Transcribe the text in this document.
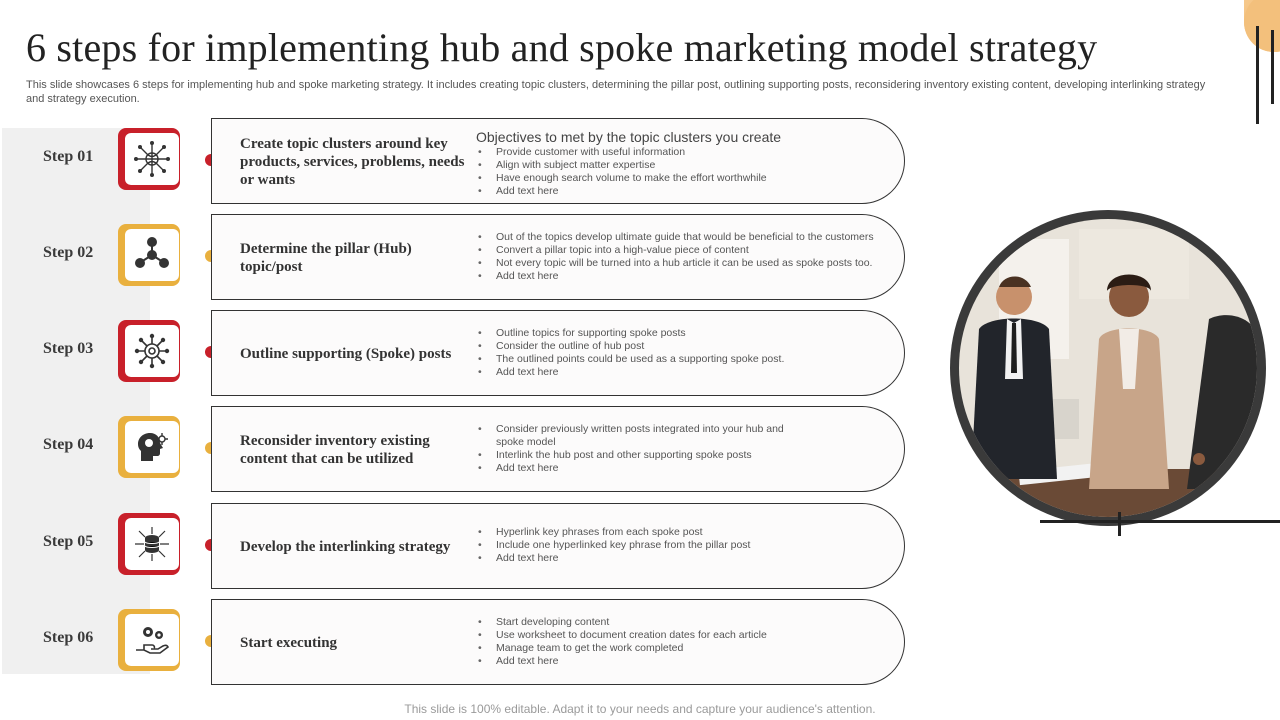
6 steps for implementing hub and spoke marketing model strategy

This slide showcases 6 steps for implementing hub and spoke marketing strategy. It includes creating topic clusters, determining the pillar post, outlining supporting posts, reconsidering inventory existing content, developing interlinking strategy and strategy execution.

Step 01
Create topic clusters around key products, services, problems, needs or wants

Objectives to met by the topic clusters you create

• Provide customer with useful information
• Align with subject matter expertise
• Have enough search volume to make the effort worthwhile
• Add text here
Step 02	Determine the pillar (Hub) topic/post
• Out of the topics develop ultimate guide that would be beneficial to the customers
• Convert a pillar topic into a high-value piece of content
• Not every topic will be turned into a hub article it can be used as spoke posts too.
• Add text here
Step 03	Outline supporting (Spoke) posts
• Outline topics for supporting spoke posts
• Consider the outline of hub post
• The outlined points could be used as a supporting spoke post.
• Add text here
Step 04	Reconsider inventory existing content that can be utilized
• Consider previously written posts integrated into your hub and spoke model
• Interlink the hub post and other supporting spoke posts
• Add text here
Step 05	Develop the interlinking strategy
• Hyperlink key phrases from each spoke post
• Include one hyperlinked key phrase from the pillar post
• Add text here
Step 06	Start executing
• Start developing content
• Use worksheet to document creation dates for each article
• Manage team to get the work completed
• Add text here
This slide is 100% editable. Adapt it to your needs and capture your audience's attention.
